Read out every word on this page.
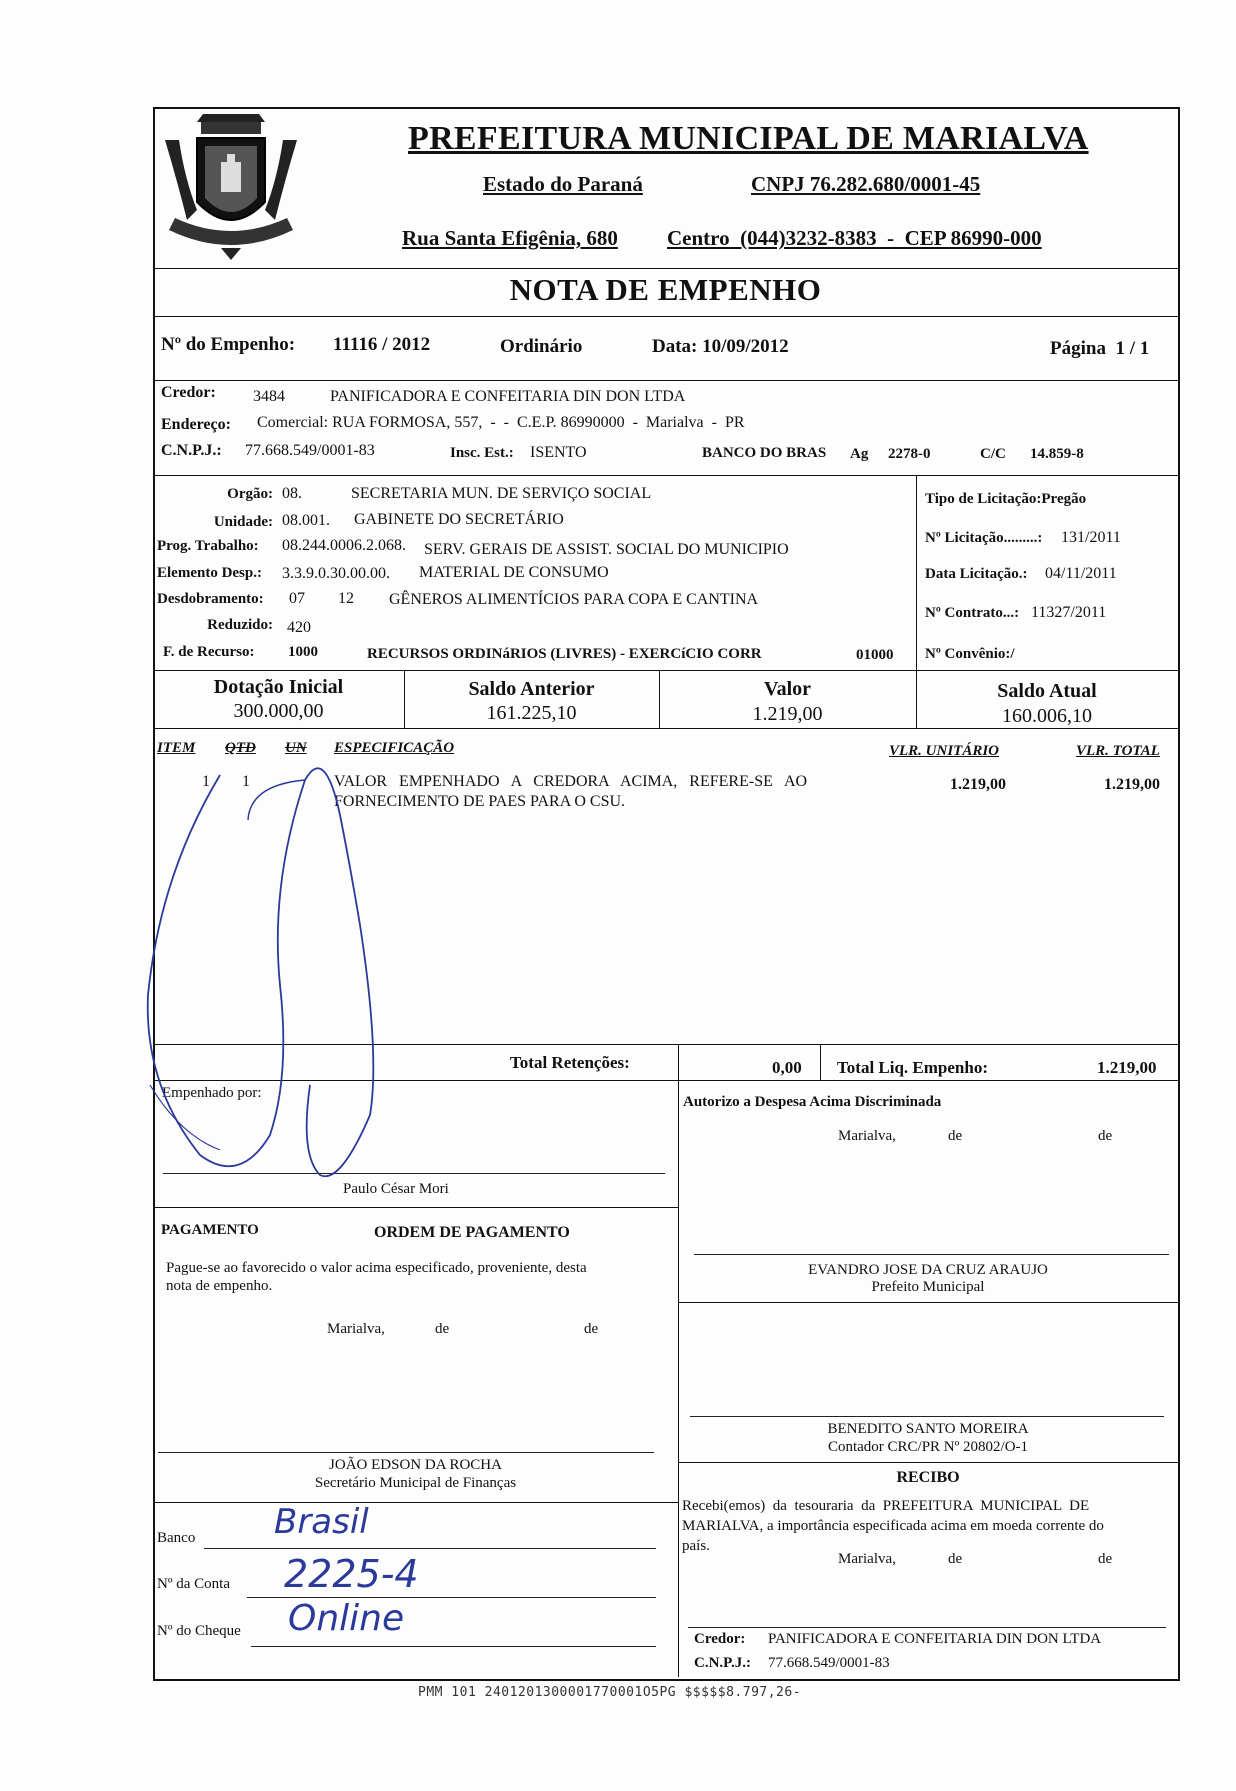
PREFEITURA MUNICIPAL DE MARIALVA
Estado do Paraná	CNPJ 76.282.680/0001-45
Rua Santa Efigênia, 680 Centro  (044)3232-8383  -  CEP 86990-000
NOTA DE EMPENHO
Nº do Empenho: 11116 / 2012	Ordinário	Data: 10/09/2012	Página  1 / 1
Credor: 3484	PANIFICADORA E CONFEITARIA DIN DON LTDA
Endereço: Comercial: RUA FORMOSA, 557,  -  -  C.E.P. 86990000  -  Marialva  -  PR
C.N.P.J.: 77.668.549/0001-83	Insc. Est.: ISENTO	BANCO DO BRAS Ag 2278-0	C/C 14.859-8
Orgão: 08.	SECRETARIA MUN. DE SERVIÇO SOCIAL
Unidade: 08.001. GABINETE DO SECRETÁRIO
Prog. Trabalho: 08.244.0006.2.068. SERV. GERAIS DE ASSIST. SOCIAL DO MUNICIPIO
Elemento Desp.: 3.3.9.0.30.00.00. MATERIAL DE CONSUMO
Desdobramento: 07 12 GÊNEROS ALIMENTÍCIOS PARA COPA E CANTINA
Reduzido: 420
F. de Recurso: 1000	RECURSOS ORDINáRIOS (LIVRES) - EXERCíCIO CORR	01000
Tipo de Licitação:Pregão
Nº Licitação.........: 131/2011
Data Licitação.: 04/11/2011
Nº Contrato...: 11327/2011
Nº Convênio:/
Dotação Inicial
300.000,00
Saldo Anterior
161.225,10
Valor
1.219,00
Saldo Atual
160.006,10
ITEM QTD UN ESPECIFICAÇÃO	VLR. UNITÁRIO	VLR. TOTAL
1 1	VALOR   EMPENHADO   A   CREDORA   ACIMA,   REFERE-SE   AO
FORNECIMENTO DE PAES PARA O CSU.
1.219,00	1.219,00
Total Retenções:	0,00 Total Liq. Empenho:	1.219,00
Empenhado por:
Paulo César Mori
Autorizo a Despesa Acima Discriminada
Marialva,	de	de
EVANDRO JOSE DA CRUZ ARAUJO
Prefeito Municipal
PAGAMENTO	ORDEM DE PAGAMENTO
Pague-se ao favorecido o valor acima especificado, proveniente, desta
nota de empenho.
Marialva,	de	de
JOÃO EDSON DA ROCHA
Secretário Municipal de Finanças
BENEDITO SANTO MOREIRA
Contador CRC/PR Nº 20802/O-1
RECIBO
Recebi(emos)  da  tesouraria  da  PREFEITURA  MUNICIPAL  DE
MARIALVA, a importância especificada acima em moeda corrente do
país.
Marialva,	de	de
Credor: PANIFICADORA E CONFEITARIA DIN DON LTDA
C.N.P.J.: 77.668.549/0001-83
Banco Brasil
Nº da Conta 2225-4
Nº do Cheque Online
PMM 101 2401201300001770001O5PG $$$$$8.797,26-
